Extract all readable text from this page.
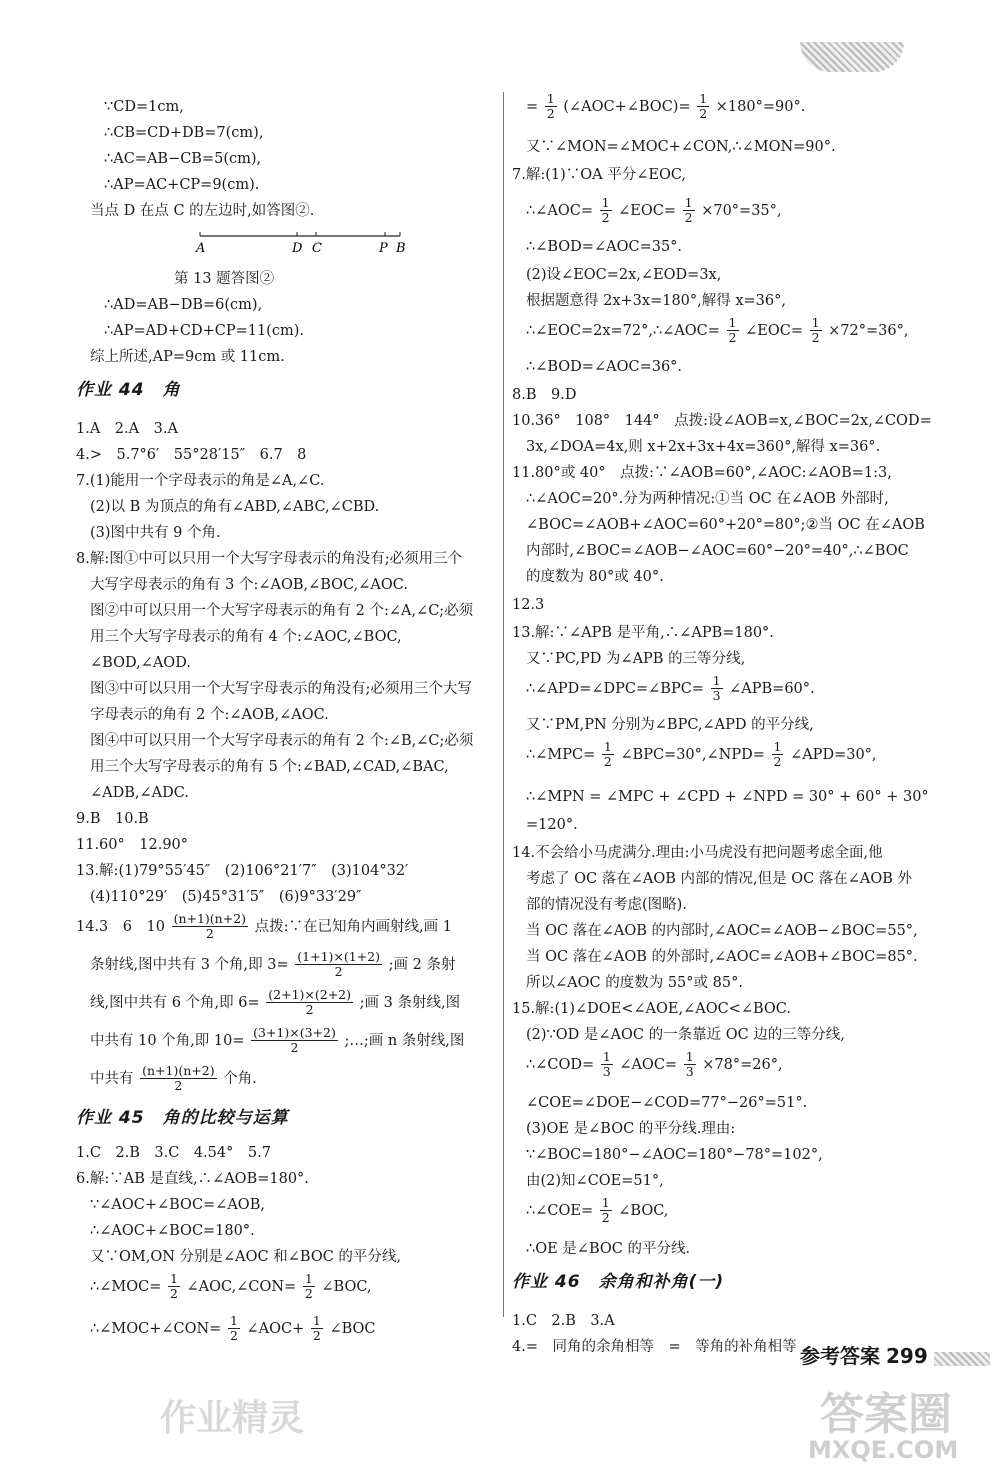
∵CD=1cm,
∴CB=CD+DB=7(cm),
∴AC=AB−CB=5(cm),
∴AP=AC+CP=9(cm).
当点 D 在点 C 的左边时,如答图②.
第 13 题答图②
∴AD=AB−DB=6(cm),
∴AP=AD+CD+CP=11(cm).
综上所述,AP=9cm 或 11cm.
作业 44　角
1.A　2.A　3.A
4.>　5.7°6′　55°28′15″　6.7　8
7.(1)能用一个字母表示的角是∠A,∠C.
(2)以 B 为顶点的角有∠ABD,∠ABC,∠CBD.
(3)图中共有 9 个角.
8.解:图①中可以只用一个大写字母表示的角没有;必须用三个
大写字母表示的角有 3 个:∠AOB,∠BOC,∠AOC.
图②中可以只用一个大写字母表示的角有 2 个:∠A,∠C;必须
用三个大写字母表示的角有 4 个:∠AOC,∠BOC,
∠BOD,∠AOD.
图③中可以只用一个大写字母表示的角没有;必须用三个大写
字母表示的角有 2 个:∠AOB,∠AOC.
图④中可以只用一个大写字母表示的角有 2 个:∠B,∠C;必须
用三个大写字母表示的角有 5 个:∠BAD,∠CAD,∠BAC,
∠ADB,∠ADC.
9.B　10.B
11.60°　12.90°
13.解:(1)79°55′45″　(2)106°21′7″　(3)104°32′
(4)110°29′　(5)45°31′5″　(6)9°33′29″
14.3　6　$10 \frac{(n+1)(n+2)}{2}$ 点拨:∵在已知角内画射线,画 1
条射线,图中共有 3 个角,即 $3= \frac{(1+1)\times(1+2)}{2}$ ;画 2 条射
线,图中共有 6 个角,即 $6= \frac{(2+1)\times(2+2)}{2}$ ;画 3 条射线,图
中共有 10 个角,即 $10= \frac{(3+1)\times(3+2)}{2}$ ;…;画 n 条射线,图
中共有 $\frac{(n+1)(n+2)}{2}$ 个角.
作业 45　角的比较与运算
1.C　2.B　3.C　4.54°　5.7
6.解:∵AB 是直线,∴∠AOB=180°.
∵∠AOC+∠BOC=∠AOB,
∴∠AOC+∠BOC=180°.
又∵OM,ON 分别是∠AOC 和∠BOC 的平分线,
∴∠MOC= $\frac{1}{2}$ ∠AOC,∠CON= $\frac{1}{2}$ ∠BOC,
∴∠MOC+∠CON= $\frac{1}{2}$ ∠AOC+ $\frac{1}{2}$ ∠BOC
A	D C	P B
= $\frac{1}{2}$ (∠AOC+∠BOC)= $\frac{1}{2} \times 180^\circ=90^\circ$.
又∵∠MON=∠MOC+∠CON,∴∠MON=90°.
7.解:(1)∵OA 平分∠EOC,
∴∠AOC= $\frac{1}{2}$ ∠EOC= $\frac{1}{2} \times 70^\circ=35^\circ$,
∴∠BOD=∠AOC=35°.
(2)设∠EOC=2x,∠EOD=3x,
根据题意得 2x+3x=180°,解得 x=36°,
∴∠EOC=2x=72°,∴∠AOC= $\frac{1}{2}$ ∠EOC= $\frac{1}{2} \times 72^\circ=36^\circ$,
∴∠BOD=∠AOC=36°.
8.B　9.D
10.36°　108°　144°　点拨:设∠AOB=x,∠BOC=2x,∠COD=
3x,∠DOA=4x,则 x+2x+3x+4x=360°,解得 x=36°.
11.80°或 40°　点拨:∵∠AOB=60°,∠AOC:∠AOB=1:3,
∴∠AOC=20°.分为两种情况:①当 OC 在∠AOB 外部时,
∠BOC=∠AOB+∠AOC=60°+20°=80°;②当 OC 在∠AOB
内部时,∠BOC=∠AOB−∠AOC=60°−20°=40°,∴∠BOC
的度数为 80°或 40°.
12.3
13.解:∵∠APB 是平角,∴∠APB=180°.
又∵PC,PD 为∠APB 的三等分线,
∴∠APD=∠DPC=∠BPC= $\frac{1}{3}$ ∠APB=60°.
又∵PM,PN 分别为∠BPC,∠APD 的平分线,
∴∠MPC= $\frac{1}{2}$ ∠BPC=30°,∠NPD= $\frac{1}{2}$ ∠APD=30°,
∴∠MPN = ∠MPC + ∠CPD + ∠NPD = 30° + 60° + 30°
=120°.
14.不会给小马虎满分.理由:小马虎没有把问题考虑全面,他
考虑了 OC 落在∠AOB 内部的情况,但是 OC 落在∠AOB 外
部的情况没有考虑(图略).
当 OC 落在∠AOB 的内部时,∠AOC=∠AOB−∠BOC=55°,
当 OC 落在∠AOB 的外部时,∠AOC=∠AOB+∠BOC=85°.
所以∠AOC 的度数为 55°或 85°.
15.解:(1)∠DOE<∠AOE,∠AOC<∠BOC.
(2)∵OD 是∠AOC 的一条靠近 OC 边的三等分线,
∴∠COD= $\frac{1}{3}$ ∠AOC= $\frac{1}{3} \times 78^\circ=26^\circ$,
∠COE=∠DOE−∠COD=77°−26°=51°.
(3)OE 是∠BOC 的平分线.理由:
∵∠BOC=180°−∠AOC=180°−78°=102°,
由(2)知∠COE=51°,
∴∠COE= $\frac{1}{2}$ ∠BOC,
∴OE 是∠BOC 的平分线.
作业 46　余角和补角(一)
1.C　2.B　3.A
4.=　同角的余角相等　=　等角的补角相等 参考答案 299
作业精灵	答案圈
MXQE.COM
